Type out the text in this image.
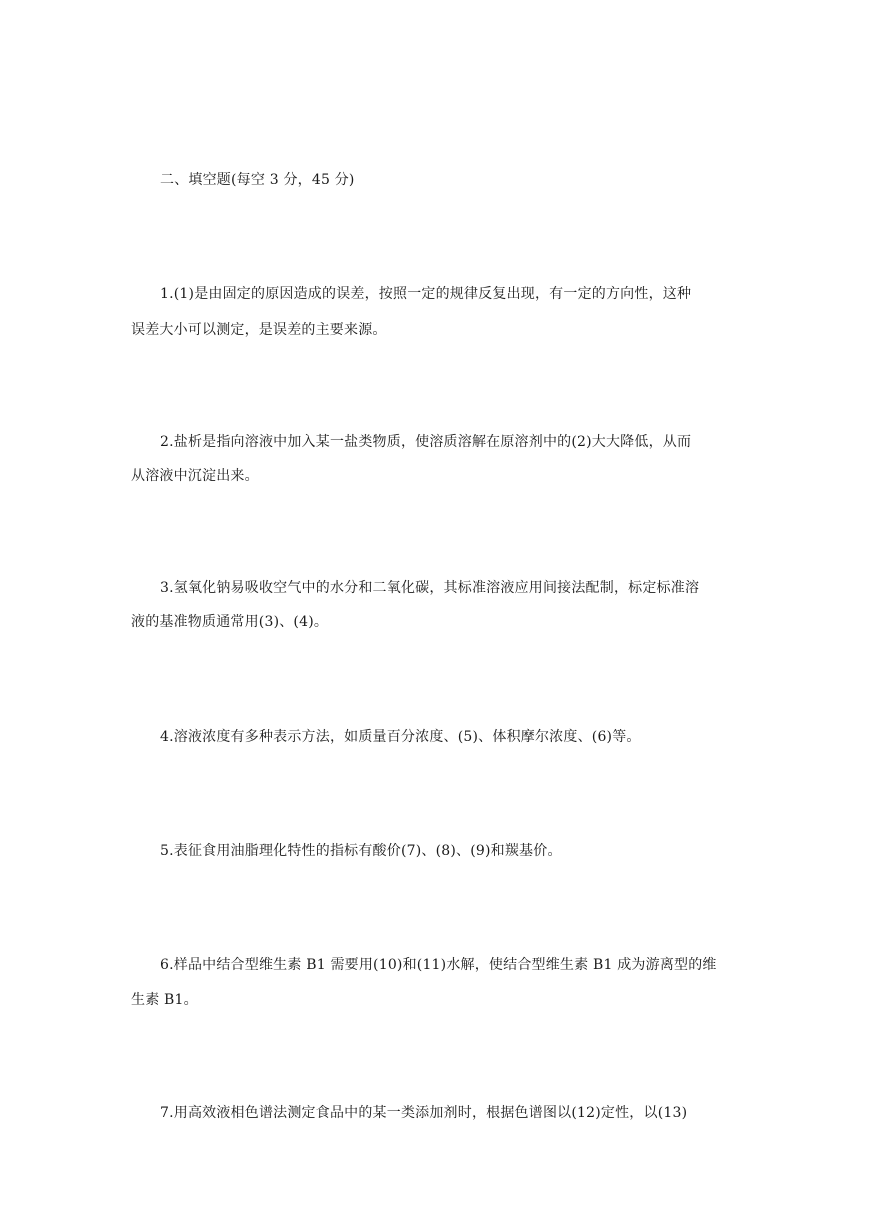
二、填空题(每空 3 分，45 分)
1.(1)是由固定的原因造成的误差，按照一定的规律反复出现，有一定的方向性，这种
误差大小可以测定，是误差的主要来源。
2.盐析是指向溶液中加入某一盐类物质，使溶质溶解在原溶剂中的(2)大大降低，从而
从溶液中沉淀出来。
3.氢氧化钠易吸收空气中的水分和二氧化碳，其标准溶液应用间接法配制，标定标准溶
液的基准物质通常用(3)、(4)。
4.溶液浓度有多种表示方法，如质量百分浓度、(5)、体积摩尔浓度、(6)等。
5.表征食用油脂理化特性的指标有酸价(7)、(8)、(9)和羰基价。
6.样品中结合型维生素 B1 需要用(10)和(11)水解，使结合型维生素 B1 成为游离型的维
生素 B1。
7.用高效液相色谱法测定食品中的某一类添加剂时，根据色谱图以(12)定性，以(13)
